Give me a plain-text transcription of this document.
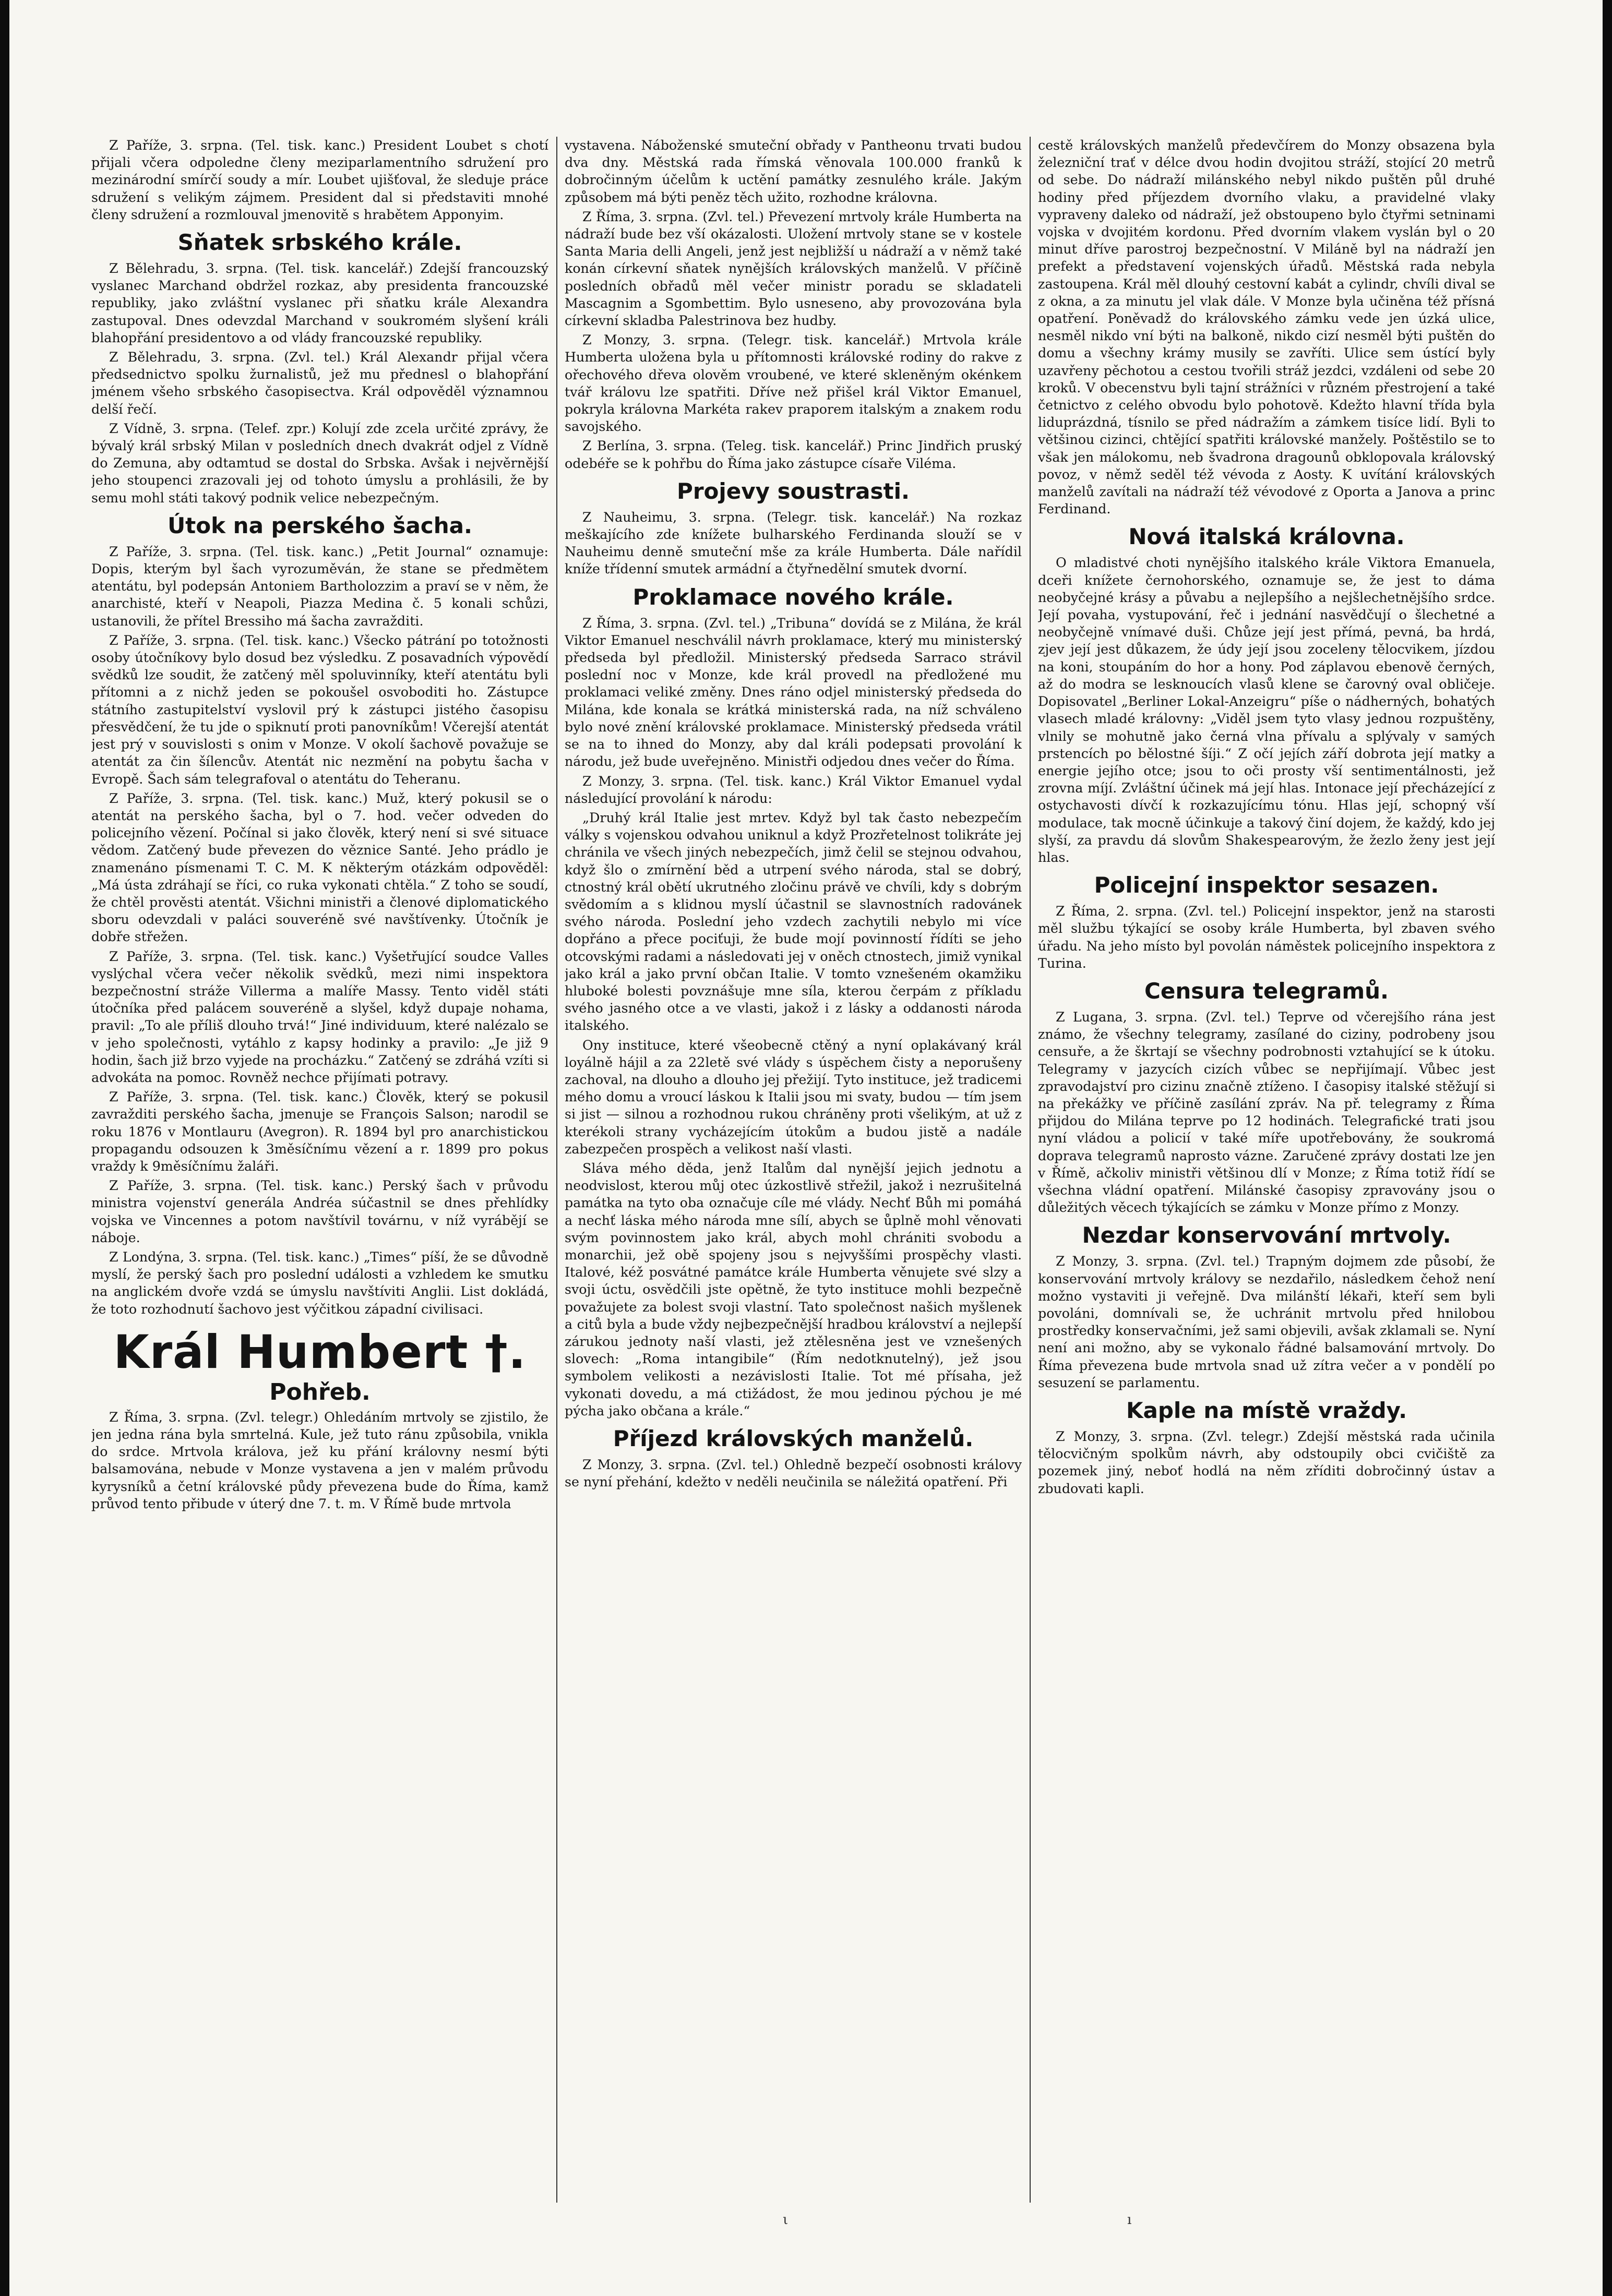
Z Paříže, 3. srpna. (Tel. tisk. kanc.) President Loubet s chotí přijali včera odpoledne členy meziparlamentního sdružení pro mezinárodní smírčí soudy a mír. Loubet ujišťoval, že sleduje práce sdružení s velikým zájmem. President dal si představiti mnohé členy sdružení a rozmlouval jmenovitě s hrabětem Apponyim.

Sňatek srbského krále.

Z Bělehradu, 3. srpna. (Tel. tisk. kancelář.) Zdejší francouzský vyslanec Marchand obdržel rozkaz, aby presidenta francouzské republiky, jako zvláštní vyslanec při sňatku krále Alexandra zastupoval. Dnes odevzdal Marchand v soukromém slyšení králi blahopřání presidentovo a od vlády francouzské republiky.

Z Bělehradu, 3. srpna. (Zvl. tel.) Král Alexandr přijal včera předsednictvo spolku žurnalistů, jež mu přednesl o blahopřání jménem všeho srbského časopisectva. Král odpověděl významnou delší řečí.

Z Vídně, 3. srpna. (Telef. zpr.) Kolují zde zcela určité zprávy, že bývalý král srbský Milan v posledních dnech dvakrát odjel z Vídně do Zemuna, aby odtamtud se dostal do Srbska. Avšak i nejvěrnější jeho stoupenci zrazovali jej od tohoto úmyslu a prohlásili, že by semu mohl státi takový podnik velice nebezpečným.

Útok na perského šacha.

Z Paříže, 3. srpna. (Tel. tisk. kanc.) „Petit Journal“ oznamuje: Dopis, kterým byl šach vyrozuměván, že stane se předmětem atentátu, byl podepsán Antoniem Bartholozzim a praví se v něm, že anarchisté, kteří v Neapoli, Piazza Medina č. 5 konali schůzi, ustanovili, že přítel Bressiho má šacha zavražditi.

Z Paříže, 3. srpna. (Tel. tisk. kanc.) Všecko pátrání po totožnosti osoby útočníkovy bylo dosud bez výsledku. Z posavadních výpovědí svědků lze soudit, že zatčený měl spoluvinníky, kteří atentátu byli přítomni a z nichž jeden se pokoušel osvoboditi ho. Zástupce státního zastupitelství vyslovil prý k zástupci jistého časopisu přesvědčení, že tu jde o spiknutí proti panovníkům! Včerejší atentát jest prý v souvislosti s onim v Monze. V okolí šachově považuje se atentát za čin šílencův. Atentát nic nezmění na pobytu šacha v Evropě. Šach sám telegrafoval o atentátu do Teheranu.

Z Paříže, 3. srpna. (Tel. tisk. kanc.) Muž, který pokusil se o atentát na perského šacha, byl o 7. hod. večer odveden do policejního vězení. Počínal si jako člověk, který není si své situace vědom. Zatčený bude převezen do věznice Santé. Jeho prádlo je znamenáno písmenami T. C. M. K některým otázkám odpověděl: „Má ústa zdráhají se říci, co ruka vykonati chtěla.“ Z toho se soudí, že chtěl prověsti atentát. Všichni ministři a členové diplomatického sboru odevzdali v paláci souveréně své navštívenky. Útočník je dobře střežen.

Z Paříže, 3. srpna. (Tel. tisk. kanc.) Vyšetřující soudce Valles vyslýchal včera večer několik svědků, mezi nimi inspektora bezpečnostní stráže Villerma a malíře Massy. Tento viděl státi útočníka před palácem souveréně a slyšel, když dupaje nohama, pravil: „To ale příliš dlouho trvá!“ Jiné individuum, které nalézalo se v jeho společnosti, vytáhlo z kapsy hodinky a pravilo: „Je již 9 hodin, šach již brzo vyjede na procházku.“ Zatčený se zdráhá vzíti si advokáta na pomoc. Rovněž nechce přijímati potravy.

Z Paříže, 3. srpna. (Tel. tisk. kanc.) Člověk, který se pokusil zavražditi perského šacha, jmenuje se François Salson; narodil se roku 1876 v Montlauru (Avegron). R. 1894 byl pro anarchistickou propagandu odsouzen k 3měsíčnímu vězení a r. 1899 pro pokus vraždy k 9měsíčnímu žaláři.

Z Paříže, 3. srpna. (Tel. tisk. kanc.) Perský šach v průvodu ministra vojenství generála Andréa súčastnil se dnes přehlídky vojska ve Vincennes a potom navštívil továrnu, v níž vyrábějí se náboje.

Z Londýna, 3. srpna. (Tel. tisk. kanc.) „Times“ píší, že se důvodně myslí, že perský šach pro poslední události a vzhledem ke smutku na anglickém dvoře vzdá se úmyslu navštíviti Anglii. List dokládá, že toto rozhodnutí šachovo jest výčitkou západní civilisaci.

Král Humbert †.
Pohřeb.

Z Říma, 3. srpna. (Zvl. telegr.) Ohledáním mrtvoly se zjistilo, že jen jedna rána byla smrtelná. Kule, jež tuto ránu způsobila, vnikla do srdce. Mrtvola králova, jež ku přání královny nesmí býti balsamována, nebude v Monze vystavena a jen v malém průvodu kyrysníků a četní královské půdy převezena bude do Říma, kamž průvod tento přibude v úterý dne 7. t. m. V Římě bude mrtvola

vystavena. Náboženské smuteční obřady v Pantheonu trvati budou dva dny. Městská rada římská věnovala 100.000 franků k dobročinným účelům k uctění památky zesnulého krále. Jakým způsobem má býti peněz těch užito, rozhodne královna.

Z Říma, 3. srpna. (Zvl. tel.) Převezení mrtvoly krále Humberta na nádraží bude bez vší okázalosti. Uložení mrtvoly stane se v kostele Santa Maria delli Angeli, jenž jest nejbližší u nádraží a v němž také konán církevní sňatek nynějších královských manželů. V příčině posledních obřadů měl večer ministr poradu se skladateli Mascagnim a Sgombettim. Bylo usneseno, aby provozována byla církevní skladba Palestrinova bez hudby.

Z Monzy, 3. srpna. (Telegr. tisk. kancelář.) Mrtvola krále Humberta uložena byla u přítomnosti královské rodiny do rakve z ořechového dřeva olověm vroubené, ve které skleněným okénkem tvář královu lze spatřiti. Dříve než přišel král Viktor Emanuel, pokryla královna Markéta rakev praporem italským a znakem rodu savojského.

Z Berlína, 3. srpna. (Teleg. tisk. kancelář.) Princ Jindřich pruský odebéře se k pohřbu do Říma jako zástupce císaře Viléma.

Projevy soustrasti.

Z Nauheimu, 3. srpna. (Telegr. tisk. kancelář.) Na rozkaz meškajícího zde knížete bulharského Ferdinanda slouží se v Nauheimu denně smuteční mše za krále Humberta. Dále nařídil kníže třídenní smutek armádní a čtyřnedělní smutek dvorní.

Proklamace nového krále.

Z Říma, 3. srpna. (Zvl. tel.) „Tribuna“ dovídá se z Milána, že král Viktor Emanuel neschválil návrh proklamace, který mu ministerský předseda byl předložil. Ministerský předseda Sarraco strávil poslední noc v Monze, kde král provedl na předložené mu proklamaci veliké změny. Dnes ráno odjel ministerský předseda do Milána, kde konala se krátká ministerská rada, na níž schváleno bylo nové znění královské proklamace. Ministerský předseda vrátil se na to ihned do Monzy, aby dal králi podepsati provolání k národu, jež bude uveřejněno. Ministři odjedou dnes večer do Říma.

Z Monzy, 3. srpna. (Tel. tisk. kanc.) Král Viktor Emanuel vydal následující provolání k národu:

„Druhý král Italie jest mrtev. Když byl tak často nebezpečím války s vojenskou odvahou uniknul a když Prozřetelnost tolikráte jej chránila ve všech jiných nebezpečích, jimž čelil se stejnou odvahou, když šlo o zmírnění běd a utrpení svého národa, stal se dobrý, ctnostný král obětí ukrutného zločinu právě ve chvíli, kdy s dobrým svědomím a s klidnou myslí účastnil se slavnostních radovánek svého národa. Poslední jeho vzdech zachytili nebylo mi více dopřáno a přece pociťuji, že bude mojí povinností řídíti se jeho otcovskými radami a následovati jej v oněch ctnostech, jimiž vynikal jako král a jako první občan Italie. V tomto vznešeném okamžiku hluboké bolesti povznášuje mne síla, kterou čerpám z příkladu svého jasného otce a ve vlasti, jakož i z lásky a oddanosti národa italského.

Ony instituce, které všeobecně ctěný a nyní oplakávaný král loyálně hájil a za 22letě své vlády s úspěchem čisty a neporušeny zachoval, na dlouho a dlouho jej přežijí. Tyto instituce, jež tradicemi mého domu a vroucí láskou k Italii jsou mi svaty, budou — tím jsem si jist — silnou a rozhodnou rukou chráněny proti všelikým, at už z kterékoli strany vycházejícím útokům a budou jistě a nadále zabezpečen prospěch a velikost naší vlasti.

Sláva mého děda, jenž Italům dal nynější jejich jednotu a neodvislost, kterou můj otec úzkostlivě střežil, jakož i nezrušitelná památka na tyto oba označuje cíle mé vlády. Nechť Bůh mi pomáhá a nechť láska mého národa mne sílí, abych se ůplně mohl věnovati svým povinnostem jako král, abych mohl chrániti svobodu a monarchii, jež obě spojeny jsou s nejvyššími prospěchy vlasti. Italové, kéž posvátné památce krále Humberta věnujete své slzy a svoji úctu, osvědčili jste opětně, že tyto instituce mohli bezpečně považujete za bolest svoji vlastní. Tato společnost našich myšlenek a citů byla a bude vždy nejbezpečnější hradbou království a nejlepší zárukou jednoty naší vlasti, jež ztělesněna jest ve vznešených slovech: „Roma intangibile“ (Řím nedotknutelný), jež jsou symbolem velikosti a nezávislosti Italie. Tot mé přísaha, jež vykonati dovedu, a má ctižádost, že mou jedinou pýchou je mé pýcha jako občana a krále.“

Příjezd královských manželů.

Z Monzy, 3. srpna. (Zvl. tel.) Ohledně bezpečí osobnosti královy se nyní přehání, kdežto v neděli neučinila se náležitá opatření. Při

cestě královských manželů předevčírem do Monzy obsazena byla železniční trať v délce dvou hodin dvojitou stráží, stojící 20 metrů od sebe. Do nádraží milánského nebyl nikdo puštěn půl druhé hodiny před příjezdem dvorního vlaku, a pravidelné vlaky vypraveny daleko od nádraží, jež obstoupeno bylo čtyřmi setninami vojska v dvojitém kordonu. Před dvorním vlakem vyslán byl o 20 minut dříve parostroj bezpečnostní. V Miláně byl na nádraží jen prefekt a představení vojenských úřadů. Městská rada nebyla zastoupena. Král měl dlouhý cestovní kabát a cylindr, chvíli dival se z okna, a za minutu jel vlak dále. V Monze byla učiněna též přísná opatření. Poněvadž do královského zámku vede jen úzká ulice, nesměl nikdo vní býti na balkoně, nikdo cizí nesměl býti puštěn do domu a všechny krámy musily se zavříti. Ulice sem ústící byly uzavřeny pěchotou a cestou tvořili stráž jezdci, vzdáleni od sebe 20 kroků. V obecenstvu byli tajní strážníci v různém přestrojení a také četnictvo z celého obvodu bylo pohotově. Kdežto hlavní třída byla liduprázdná, tísnilo se před nádražím a zámkem tisíce lidí. Byli to většinou cizinci, chtějící spatřiti královské manžely. Poštěstilo se to však jen málokomu, neb švadrona dragounů obklopovala královský povoz, v němž seděl též vévoda z Aosty. K uvítání královských manželů zavítali na nádraží též vévodové z Oporta a Janova a princ Ferdinand.

Nová italská královna.

O mladistvé choti nynějšího italského krále Viktora Emanuela, dceři knížete černohorského, oznamuje se, že jest to dáma neobyčejné krásy a půvabu a nejlepšího a nejšlechetnějšího srdce. Její povaha, vystupování, řeč i jednání nasvědčují o šlechetné a neobyčejně vnímavé duši. Chůze její jest přímá, pevná, ba hrdá, zjev její jest důkazem, že údy její jsou zoceleny tělocvikem, jízdou na koni, stoupáním do hor a hony. Pod záplavou ebenově černých, až do modra se lesknoucích vlasů klene se čarovný oval obličeje. Dopisovatel „Berliner Lokal-Anzeigru“ píše o nádherných, bohatých vlasech mladé královny: „Viděl jsem tyto vlasy jednou rozpuštěny, vlnily se mohutně jako černá vlna přívalu a splývaly v samých prstencích po bělostné šíji.“ Z očí jejích září dobrota její matky a energie jejího otce; jsou to oči prosty vší sentimentálnosti, jež zrovna míjí. Zvláštní účinek má její hlas. Intonace její přecházející z ostychavosti dívčí k rozkazujícímu tónu. Hlas její, schopný vší modulace, tak mocně účinkuje a takový činí dojem, že každý, kdo jej slyší, za pravdu dá slovům Shakespearovým, že žezlo ženy jest její hlas.

Policejní inspektor sesazen.

Z Říma, 2. srpna. (Zvl. tel.) Policejní inspektor, jenž na starosti měl službu týkající se osoby krále Humberta, byl zbaven svého úřadu. Na jeho místo byl povolán náměstek policejního inspektora z Turina.

Censura telegramů.

Z Lugana, 3. srpna. (Zvl. tel.) Teprve od včerejšího rána jest známo, že všechny telegramy, zasílané do ciziny, podrobeny jsou censuře, a že škrtají se všechny podrobnosti vztahující se k útoku. Telegramy v jazycích cizích vůbec se nepřijímají. Vůbec jest zpravodajství pro cizinu značně ztíženo. I časopisy italské stěžují si na překážky ve příčině zasílání zpráv. Na př. telegramy z Říma přijdou do Milána teprve po 12 hodinách. Telegrafické trati jsou nyní vládou a policií v také míře upotřebovány, že soukromá dopravа telegramů naprosto vázne. Zaručené zprávy dostati lze jen v Římě, ačkoliv ministři většinou dlí v Monze; z Říma totiž řídí se všechna vládní opatření. Milánské časopisy zpravovány jsou o důležitých věcech týkajících se zámku v Monze přímo z Monzy.

Nezdar konservování mrtvoly.

Z Monzy, 3. srpna. (Zvl. tel.) Trapným dojmem zde působí, že konservování mrtvoly královy se nezdařilo, následkem čehož není možno vystaviti ji veřejně. Dva milánští lékaři, kteří sem byli povoláni, domnívali se, že uchránit mrtvolu před hnilobou prostředky konservačními, jež sami objevili, avšak zklamali se. Nyní není ani možno, aby se vykonalo řádné balsamování mrtvoly. Do Říma převezena bude mrtvola snad už zítra večer a v pondělí po sesuzení se parlamentu.

Kaple na místě vraždy.

Z Monzy, 3. srpna. (Zvl. telegr.) Zdejší městská rada učinila tělocvičným spolkům návrh, aby odstoupily obci cvičiště za pozemek jiný, neboť hodlá na něm zříditi dobročinný ústav a zbudovati kapli.

ι	ı
